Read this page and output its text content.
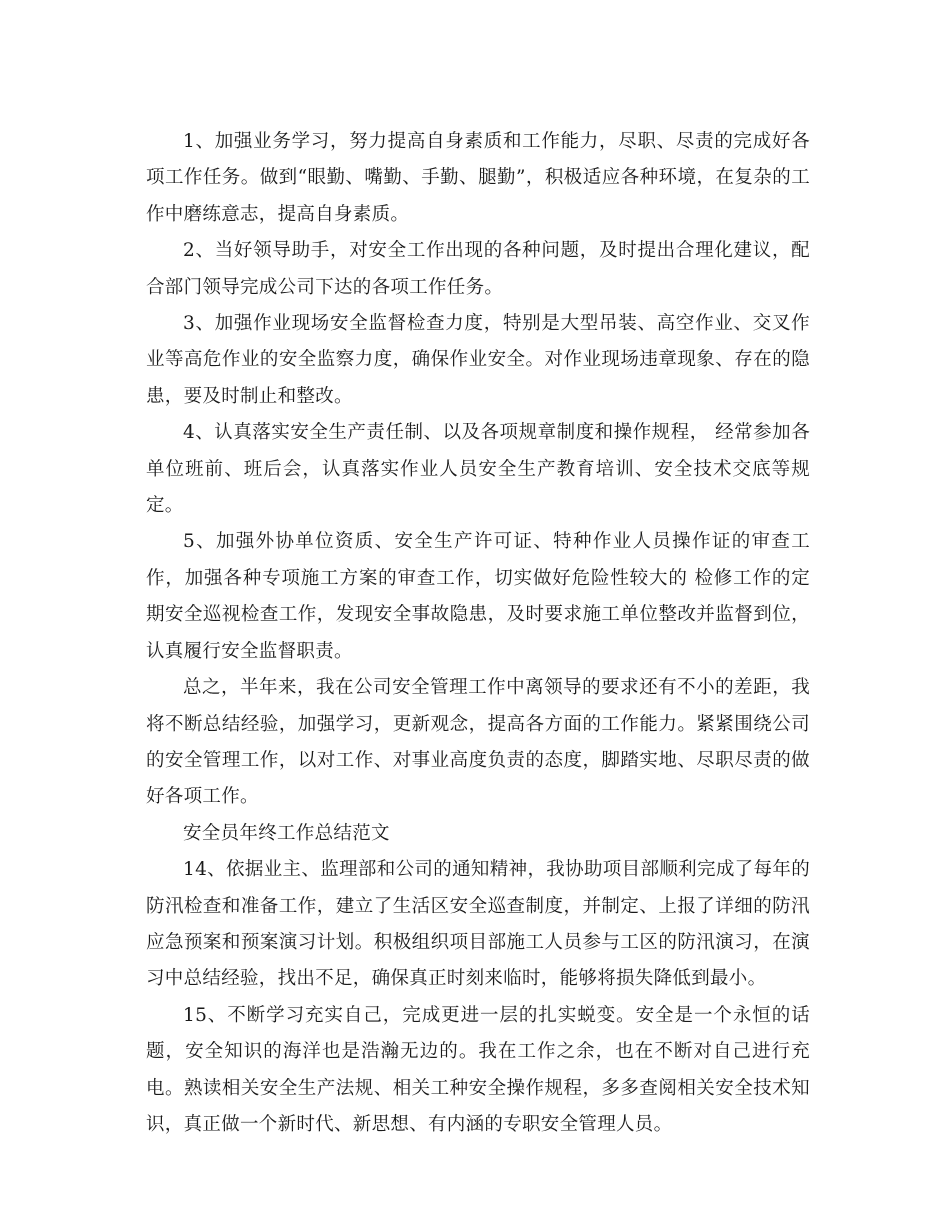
1、加强业务学习，努力提高自身素质和工作能力，尽职、尽责的完成好各项工作任务。做到“眼勤、嘴勤、手勤、腿勤”，积极适应各种环境，在复杂的工作中磨练意志，提高自身素质。

2、当好领导助手，对安全工作出现的各种问题，及时提出合理化建议，配合部门领导完成公司下达的各项工作任务。

3、加强作业现场安全监督检查力度，特别是大型吊装、高空作业、交叉作业等高危作业的安全监察力度，确保作业安全。对作业现场违章现象、存在的隐患，要及时制止和整改。

4、认真落实安全生产责任制、以及各项规章制度和操作规程， 经常参加各单位班前、班后会，认真落实作业人员安全生产教育培训、安全技术交底等规定。

5、加强外协单位资质、安全生产许可证、特种作业人员操作证的审查工作，加强各种专项施工方案的审查工作，切实做好危险性较大的 检修工作的定期安全巡视检查工作，发现安全事故隐患，及时要求施工单位整改并监督到位，认真履行安全监督职责。

总之，半年来，我在公司安全管理工作中离领导的要求还有不小的差距，我将不断总结经验，加强学习，更新观念，提高各方面的工作能力。紧紧围绕公司的安全管理工作，以对工作、对事业高度负责的态度，脚踏实地、尽职尽责的做好各项工作。

安全员年终工作总结范文

14、依据业主、监理部和公司的通知精神，我协助项目部顺利完成了每年的防汛检查和准备工作，建立了生活区安全巡查制度，并制定、上报了详细的防汛应急预案和预案演习计划。积极组织项目部施工人员参与工区的防汛演习，在演习中总结经验，找出不足，确保真正时刻来临时，能够将损失降低到最小。

15、不断学习充实自己，完成更进一层的扎实蜕变。安全是一个永恒的话题，安全知识的海洋也是浩瀚无边的。我在工作之余，也在不断对自己进行充电。熟读相关安全生产法规、相关工种安全操作规程，多多查阅相关安全技术知识，真正做一个新时代、新思想、有内涵的专职安全管理人员。
